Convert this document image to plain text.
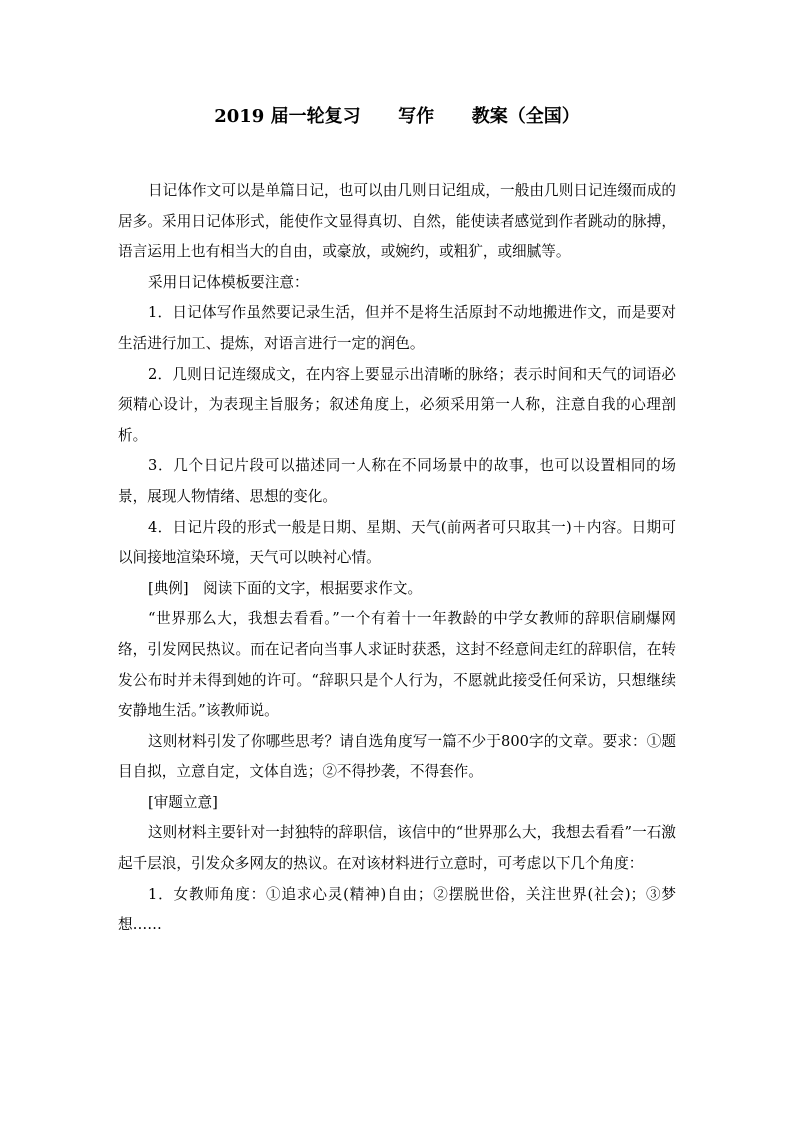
2019 届一轮复习      写作      教案（全国）

日记体作文可以是单篇日记，也可以由几则日记组成，一般由几则日记连缀而成的居多。采用日记体形式，能使作文显得真切、自然，能使读者感觉到作者跳动的脉搏，语言运用上也有相当大的自由，或豪放，或婉约，或粗犷，或细腻等。

采用日记体模板要注意：

1．日记体写作虽然要记录生活，但并不是将生活原封不动地搬进作文，而是要对生活进行加工、提炼，对语言进行一定的润色。

2．几则日记连缀成文，在内容上要显示出清晰的脉络；表示时间和天气的词语必须精心设计，为表现主旨服务；叙述角度上，必须采用第一人称，注意自我的心理剖析。

3．几个日记片段可以描述同一人称在不同场景中的故事，也可以设置相同的场景，展现人物情绪、思想的变化。

4．日记片段的形式一般是日期、星期、天气(前两者可只取其一)＋内容。日期可以间接地渲染环境，天气可以映衬心情。

[典例]　阅读下面的文字，根据要求作文。

“世界那么大，我想去看看。”一个有着十一年教龄的中学女教师的辞职信刷爆网络，引发网民热议。而在记者向当事人求证时获悉，这封不经意间走红的辞职信，在转发公布时并未得到她的许可。“辞职只是个人行为，不愿就此接受任何采访，只想继续安静地生活。”该教师说。

这则材料引发了你哪些思考？请自选角度写一篇不少于800字的文章。要求：①题目自拟，立意自定，文体自选；②不得抄袭，不得套作。

[审题立意]

这则材料主要针对一封独特的辞职信，该信中的“世界那么大，我想去看看”一石激起千层浪，引发众多网友的热议。在对该材料进行立意时，可考虑以下几个角度：

1．女教师角度：①追求心灵(精神)自由；②摆脱世俗，关注世界(社会)；③梦想……
